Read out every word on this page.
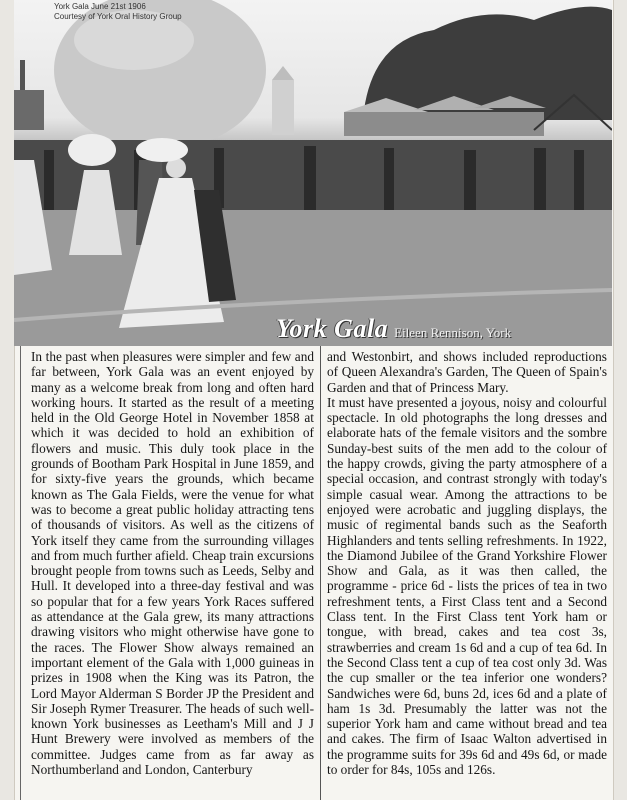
York Gala June 21st 1906
Courtesy of York Oral History Group
York Gala Eileen Rennison, York

In the past when pleasures were simpler and few and far between, York Gala was an event enjoyed by many as a welcome break from long and often hard working hours. It started as the result of a meeting held in the Old George Hotel in November 1858 at which it was decided to hold an exhibition of flowers and music. This duly took place in the grounds of Bootham Park Hospital in June 1859, and for sixty-five years the grounds, which became known as The Gala Fields, were the venue for what was to become a great public holiday attracting tens of thousands of visitors. As well as the citizens of York itself they came from the surrounding villages and from much further afield. Cheap train excursions brought people from towns such as Leeds, Selby and Hull. It developed into a three-day festival and was so popular that for a few years York Races suffered as attendance at the Gala grew, its many attractions drawing visitors who might otherwise have gone to the races. The Flower Show always remained an important element of the Gala with 1,000 guineas in prizes in 1908 when the King was its Patron, the Lord Mayor Alderman S Border JP the President and Sir Joseph Rymer Treasurer. The heads of such well-known York businesses as Leetham's Mill and J J Hunt Brewery were involved as members of the committee. Judges came from as far away as Northumberland and London, Canterbury

and Westonbirt, and shows included reproductions of Queen Alexandra's Garden, The Queen of Spain's Garden and that of Princess Mary.

It must have presented a joyous, noisy and colourful spectacle. In old photographs the long dresses and elaborate hats of the female visitors and the sombre Sunday-best suits of the men add to the colour of the happy crowds, giving the party atmosphere of a special occasion, and contrast strongly with today's simple casual wear. Among the attractions to be enjoyed were acrobatic and juggling displays, the music of regimental bands such as the Seaforth Highlanders and tents selling refreshments. In 1922, the Diamond Jubilee of the Grand Yorkshire Flower Show and Gala, as it was then called, the programme - price 6d - lists the prices of tea in two refreshment tents, a First Class tent and a Second Class tent. In the First Class tent York ham or tongue, with bread, cakes and tea cost 3s, strawberries and cream 1s 6d and a cup of tea 6d. In the Second Class tent a cup of tea cost only 3d. Was the cup smaller or the tea inferior one wonders? Sandwiches were 6d, buns 2d, ices 6d and a plate of ham 1s 3d. Presumably the latter was not the superior York ham and came without bread and tea and cakes. The firm of Isaac Walton advertised in the programme suits for 39s 6d and 49s 6d, or made to order for 84s, 105s and 126s.
